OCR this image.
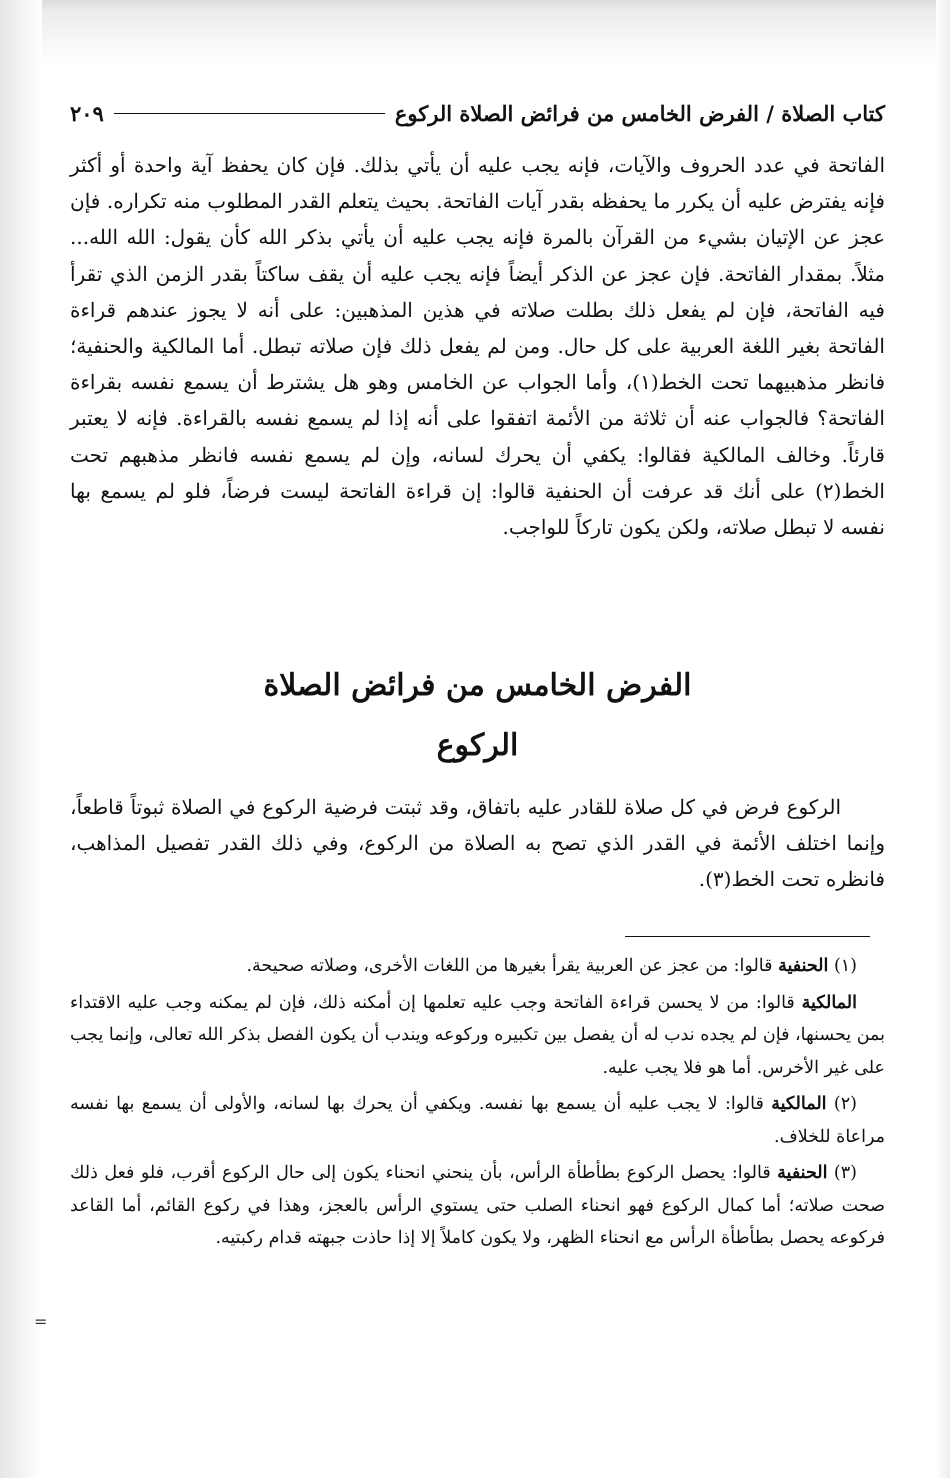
كتاب الصلاة / الفرض الخامس من فرائض الصلاة الركوع
٢٠٩

الفاتحة في عدد الحروف والآيات، فإنه يجب عليه أن يأتي بذلك. فإن كان يحفظ آية واحدة أو أكثر فإنه يفترض عليه أن يكرر ما يحفظه بقدر آيات الفاتحة. بحيث يتعلم القدر المطلوب منه تكراره. فإن عجز عن الإتيان بشيء من القرآن بالمرة فإنه يجب عليه أن يأتي بذكر الله كأن يقول: الله الله... مثلاً. بمقدار الفاتحة. فإن عجز عن الذكر أيضاً فإنه يجب عليه أن يقف ساكتاً بقدر الزمن الذي تقرأ فيه الفاتحة، فإن لم يفعل ذلك بطلت صلاته في هذين المذهبين: على أنه لا يجوز عندهم قراءة الفاتحة بغير اللغة العربية على كل حال. ومن لم يفعل ذلك فإن صلاته تبطل. أما المالكية والحنفية؛ فانظر مذهبيهما تحت الخط(١)، وأما الجواب عن الخامس وهو هل يشترط أن يسمع نفسه بقراءة الفاتحة؟ فالجواب عنه أن ثلاثة من الأئمة اتفقوا على أنه إذا لم يسمع نفسه بالقراءة. فإنه لا يعتبر قارئاً. وخالف المالكية فقالوا: يكفي أن يحرك لسانه، وإن لم يسمع نفسه فانظر مذهبهم تحت الخط(٢) على أنك قد عرفت أن الحنفية قالوا: إن قراءة الفاتحة ليست فرضاً، فلو لم يسمع بها نفسه لا تبطل صلاته، ولكن يكون تاركاً للواجب.

الفرض الخامس من فرائض الصلاة
الركوع

الركوع فرض في كل صلاة للقادر عليه باتفاق، وقد ثبتت فرضية الركوع في الصلاة ثبوتاً قاطعاً، وإنما اختلف الأئمة في القدر الذي تصح به الصلاة من الركوع، وفي ذلك القدر تفصيل المذاهب، فانظره تحت الخط(٣).

(١) الحنفية قالوا: من عجز عن العربية يقرأ بغيرها من اللغات الأخرى، وصلاته صحيحة.

المالكية قالوا: من لا يحسن قراءة الفاتحة وجب عليه تعلمها إن أمكنه ذلك، فإن لم يمكنه وجب عليه الاقتداء بمن يحسنها، فإن لم يجده ندب له أن يفصل بين تكبيره وركوعه ويندب أن يكون الفصل بذكر الله تعالى، وإنما يجب على غير الأخرس. أما هو فلا يجب عليه.

(٢) المالكية قالوا: لا يجب عليه أن يسمع بها نفسه. ويكفي أن يحرك بها لسانه، والأولى أن يسمع بها نفسه مراعاة للخلاف.

(٣) الحنفية قالوا: يحصل الركوع بطأطأة الرأس، بأن ينحني انحناء يكون إلى حال الركوع أقرب، فلو فعل ذلك صحت صلاته؛ أما كمال الركوع فهو انحناء الصلب حتى يستوي الرأس بالعجز، وهذا في ركوع القائم، أما القاعد فركوعه يحصل بطأطأة الرأس مع انحناء الظهر، ولا يكون كاملاً إلا إذا حاذت جبهته قدام ركبتيه.

=
